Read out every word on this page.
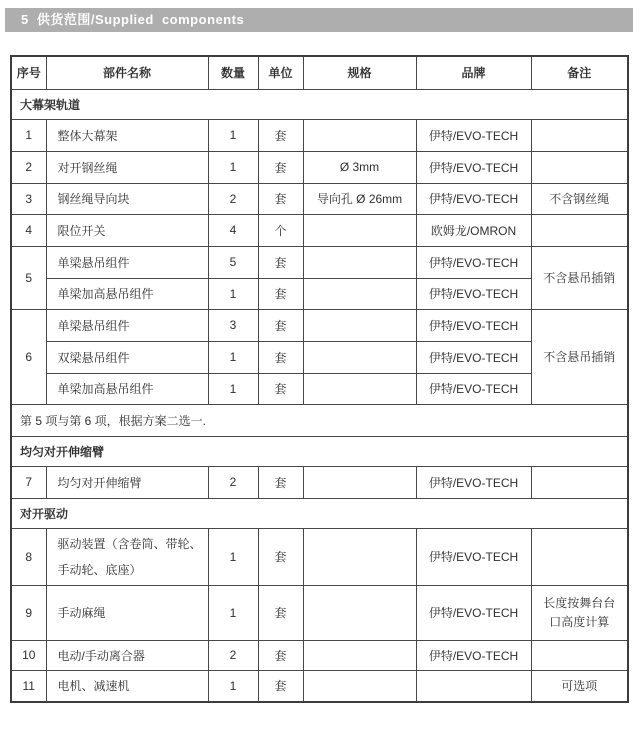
5 供货范围/Supplied components
序号	部件名称	数量	单位	规格	品牌	备注
大幕架轨道						
1	整体大幕架	1	套		伊特/EVO-TECH	
2	对开钢丝绳	1	套	Ø 3mm	伊特/EVO-TECH	
3	钢丝绳导向块	2	套	导向孔 Ø 26mm	伊特/EVO-TECH	不含钢丝绳
4	限位开关	4	个		欧姆龙/OMRON	
5	单梁悬吊组件	5	套		伊特/EVO-TECH	不含悬吊插销
	单梁加高悬吊组件	1	套		伊特/EVO-TECH	
6	单梁悬吊组件	3	套		伊特/EVO-TECH	不含悬吊插销
	双梁悬吊组件	1	套		伊特/EVO-TECH	
	单梁加高悬吊组件	1	套		伊特/EVO-TECH	
第 5 项与第 6 项，根据方案二选一.						
均匀对开伸缩臂						
7	均匀对开伸缩臂	2	套		伊特/EVO-TECH	
对开驱动						
8	驱动装置（含卷筒、带轮、手动轮、底座）	1	套		伊特/EVO-TECH	
9	手动麻绳	1	套		伊特/EVO-TECH	长度按舞台台口高度计算
10	电动/手动离合器	2	套		伊特/EVO-TECH	
11	电机、减速机	1	套			可选项
